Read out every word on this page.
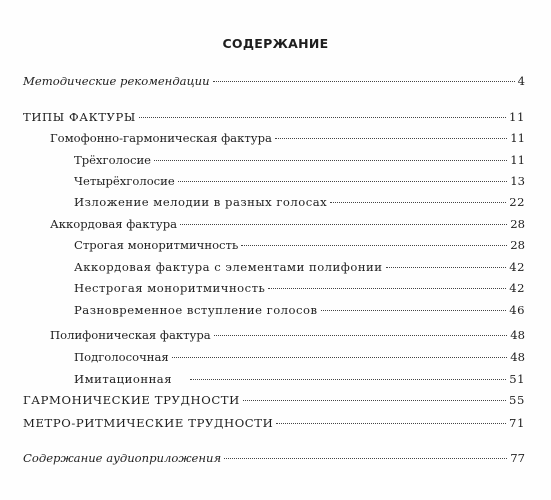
СОДЕРЖАНИЕ
Методические рекомендации	4
ТИПЫ ФАКТУРЫ	11
Гомофонно-гармоническая фактура	11
Трёхголосие	11
Четырёхголосие	13
Изложение мелодии в разных голосах	22
Аккордовая фактура	28
Строгая моноритмичность	28
Аккордовая фактура с элементами полифонии	42
Нестрогая моноритмичность	42
Разновременное вступление голосов	46
Полифоническая фактура	48
Подголосочная	48
Имитационная	51
ГАРМОНИЧЕСКИЕ ТРУДНОСТИ	55
МЕТРО-РИТМИЧЕСКИЕ ТРУДНОСТИ	71
Содержание аудиоприложения	77
